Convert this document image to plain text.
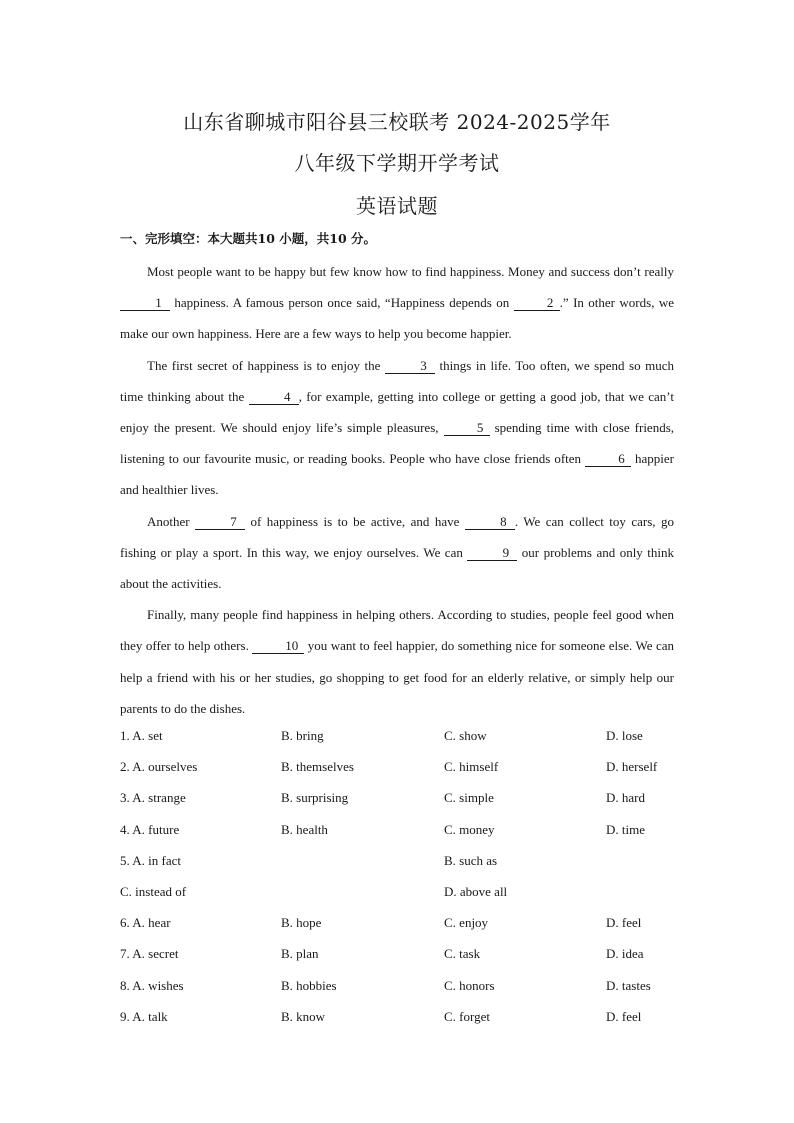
山东省聊城市阳谷县三校联考 2024-2025学年
八年级下学期开学考试
英语试题
一、完形填空：本大题共10 小题，共10 分。

Most people want to be happy but few know how to find happiness. Money and success don’t really 1 happiness. A famous person once said, “Happiness depends on	2 .” In other words, we make our own happiness. Here are a few ways to help you become happier.

The first secret of happiness is to enjoy the	3 things in life. Too often, we spend so much time thinking about the	4 , for example, getting into college or getting a good job, that we can’t enjoy the present. We should enjoy life’s simple pleasures,	5 spending time with close friends, listening to our favourite music, or reading books. People who have close friends often	6 happier and healthier lives.

Another	7 of happiness is to be active, and have	8 . We can collect toy cars, go fishing or play a sport. In this way, we enjoy ourselves. We can	9 our problems and only think about the activities.

Finally, many people find happiness in helping others. According to studies, people feel good when they offer to help others.	10 you want to feel happier, do something nice for someone else. We can help a friend with his or her studies, go shopping to get food for an elderly relative, or simply help our parents to do the dishes.

1. A. set	B. bring	C. show	D. lose
2. A. ourselves	B. themselves	C. himself	D. herself
3. A. strange	B. surprising	C. simple	D. hard
4. A. future	B. health	C. money	D. time
5. A. in fact	B. such as
C. instead of	D. above all
6. A. hear	B. hope	C. enjoy	D. feel
7. A. secret	B. plan	C. task	D. idea
8. A. wishes	B. hobbies	C. honors	D. tastes
9. A. talk	B. know	C. forget	D. feel
